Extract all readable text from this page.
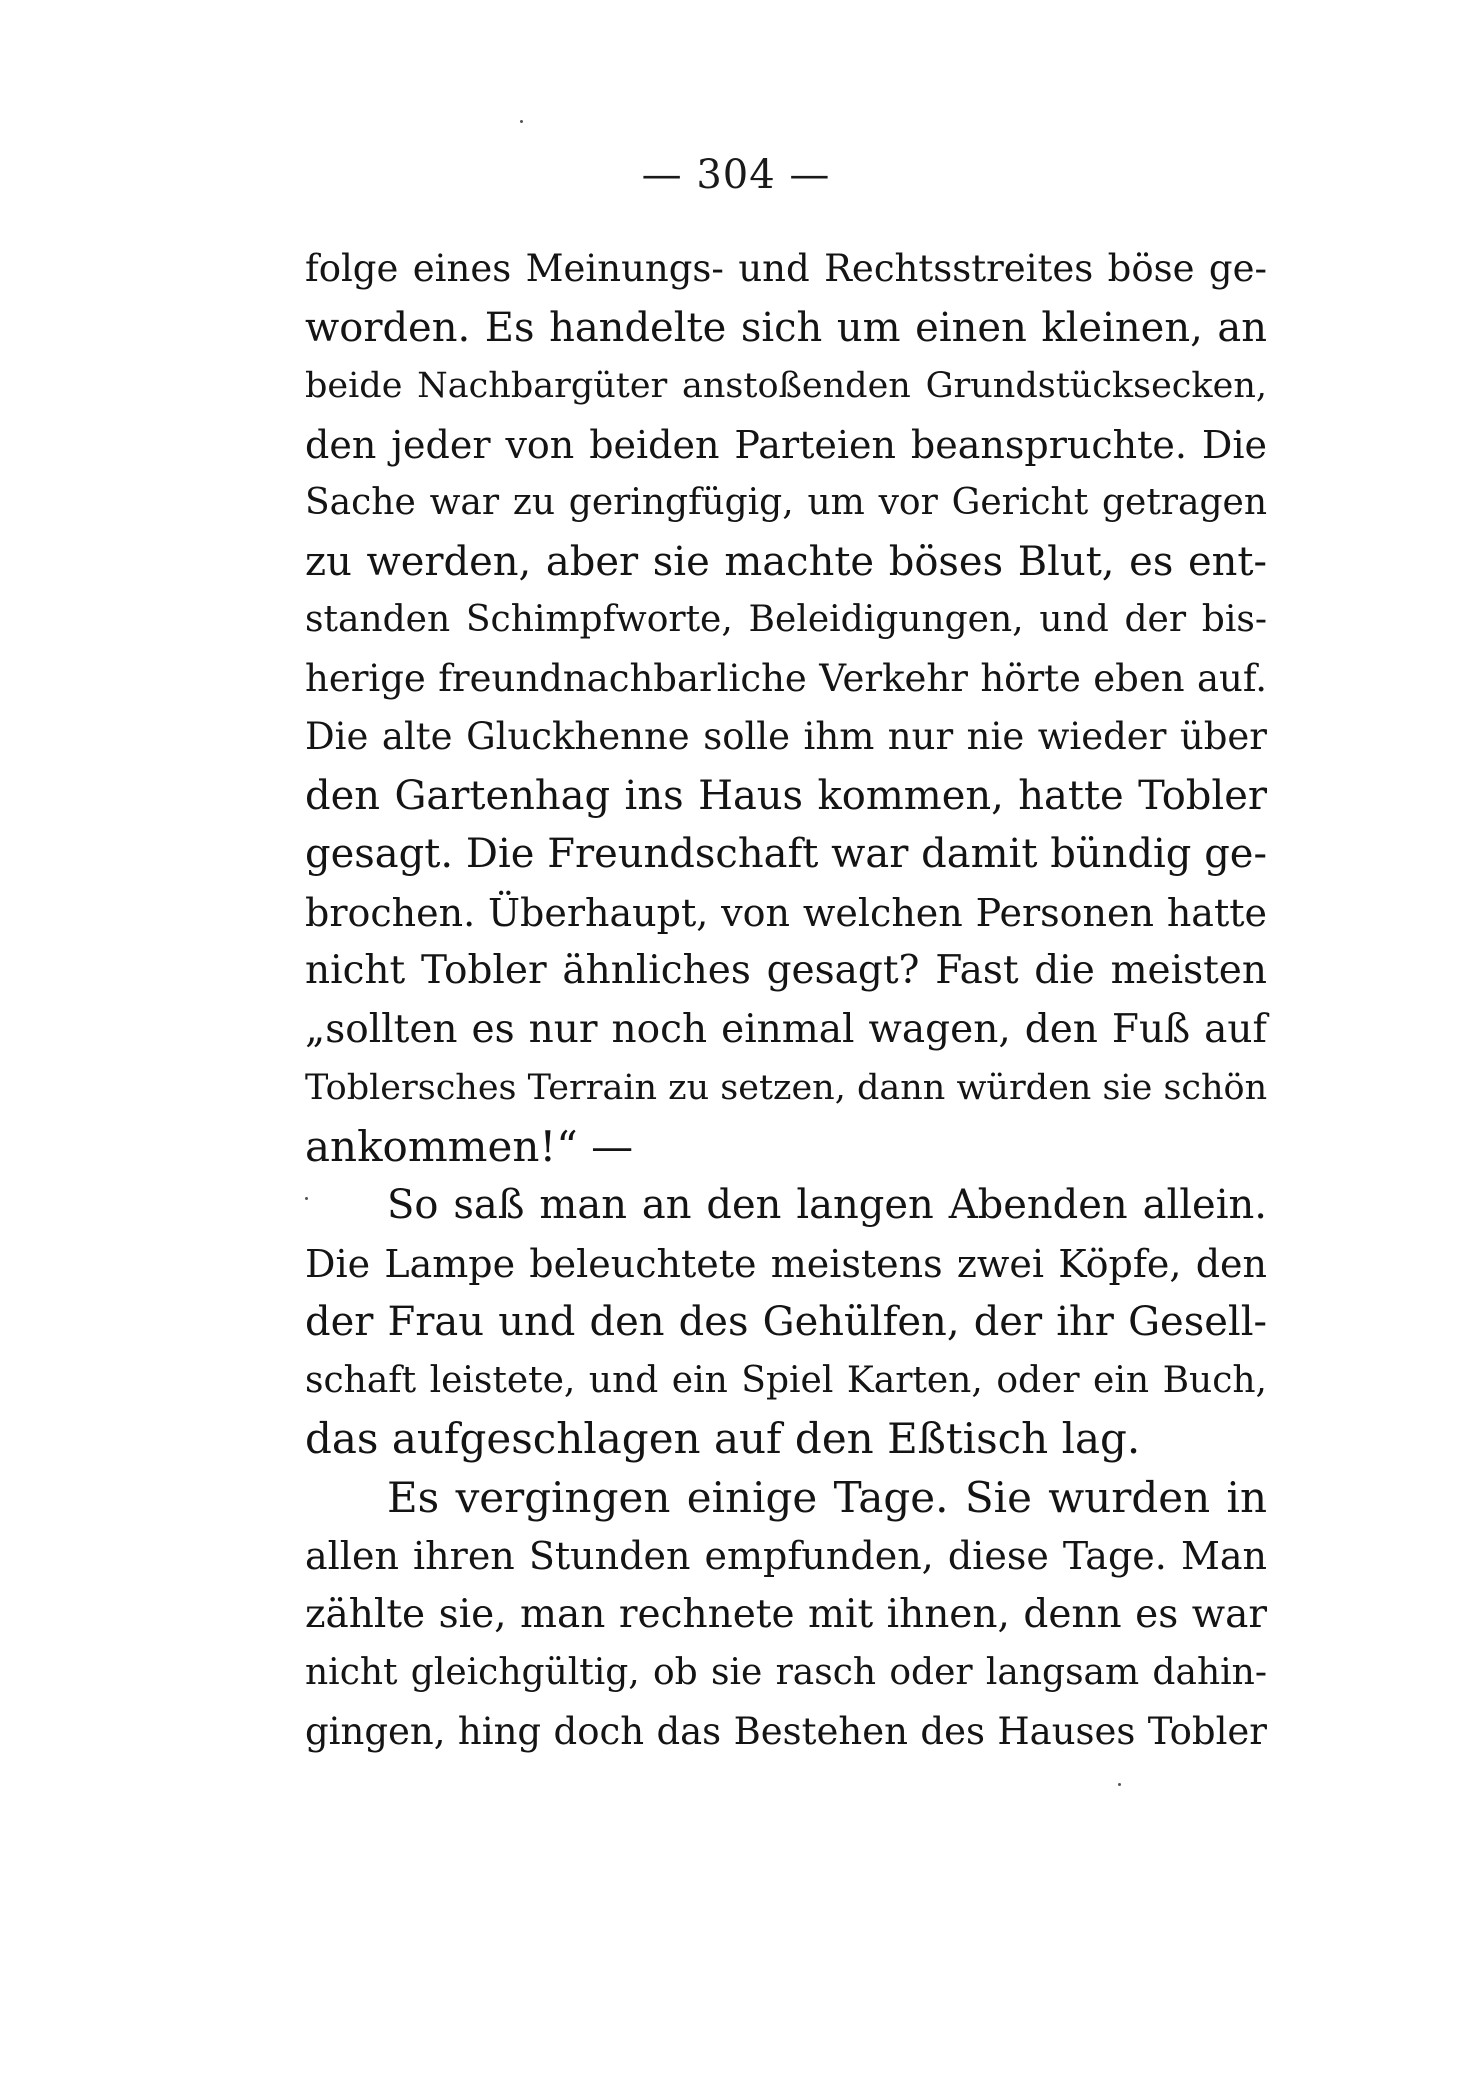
— 304 —
folge eines Meinungs- und Rechtsstreites böse ge-
worden. Es handelte sich um einen kleinen, an
beide Nachbargüter anstoßenden Grundstücksecken,
den jeder von beiden Parteien beanspruchte. Die
Sache war zu geringfügig, um vor Gericht getragen
zu werden, aber sie machte böses Blut, es ent-
standen Schimpfworte, Beleidigungen, und der bis-
herige freundnachbarliche Verkehr hörte eben auf.
Die alte Gluckhenne solle ihm nur nie wieder über
den Gartenhag ins Haus kommen, hatte Tobler
gesagt. Die Freundschaft war damit bündig ge-
brochen. Überhaupt, von welchen Personen hatte
nicht Tobler ähnliches gesagt? Fast die meisten
„sollten es nur noch einmal wagen, den Fuß auf
Toblersches Terrain zu setzen, dann würden sie schön
ankommen!“ —
So saß man an den langen Abenden allein.
Die Lampe beleuchtete meistens zwei Köpfe, den
der Frau und den des Gehülfen, der ihr Gesell-
schaft leistete, und ein Spiel Karten, oder ein Buch,
das aufgeschlagen auf den Eßtisch lag.
Es vergingen einige Tage. Sie wurden in
allen ihren Stunden empfunden, diese Tage. Man
zählte sie, man rechnete mit ihnen, denn es war
nicht gleichgültig, ob sie rasch oder langsam dahin-
gingen, hing doch das Bestehen des Hauses Tobler
